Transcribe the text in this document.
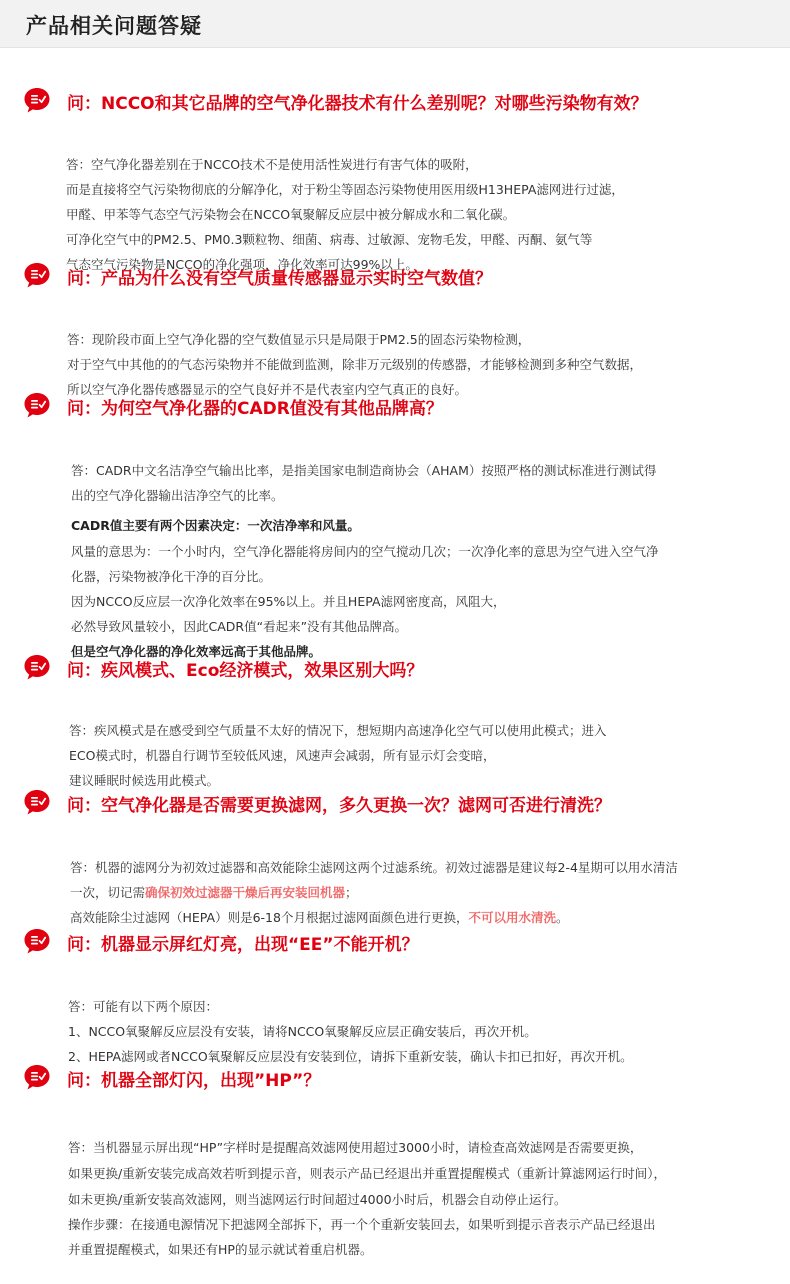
产品相关问题答疑
问：NCCO和其它品牌的空气净化器技术有什么差别呢？对哪些污染物有效？
答：空气净化器差别在于NCCO技术不是使用活性炭进行有害气体的吸附，
而是直接将空气污染物彻底的分解净化，对于粉尘等固态污染物使用医用级H13HEPA滤网进行过滤，
甲醛、甲苯等气态空气污染物会在NCCO氧聚解反应层中被分解成水和二氧化碳。
可净化空气中的PM2.5、PM0.3颗粒物、细菌、病毒、过敏源、宠物毛发，甲醛、丙酮、氨气等
气态空气污染物是NCCO的净化强项，净化效率可达99%以上。
问：产品为什么没有空气质量传感器显示实时空气数值？
答：现阶段市面上空气净化器的空气数值显示只是局限于PM2.5的固态污染物检测，
对于空气中其他的的气态污染物并不能做到监测，除非万元级别的传感器，才能够检测到多种空气数据，
所以空气净化器传感器显示的空气良好并不是代表室内空气真正的良好。
问：为何空气净化器的CADR值没有其他品牌高？
答：CADR中文名洁净空气输出比率，是指美国家电制造商协会（AHAM）按照严格的测试标准进行测试得
出的空气净化器输出洁净空气的比率。
CADR值主要有两个因素决定：一次洁净率和风量。
风量的意思为：一个小时内，空气净化器能将房间内的空气搅动几次；一次净化率的意思为空气进入空气净
化器，污染物被净化干净的百分比。
因为NCCO反应层一次净化效率在95%以上。并且HEPA滤网密度高，风阻大，
必然导致风量较小，因此CADR值“看起来”没有其他品牌高。
但是空气净化器的净化效率远高于其他品牌。
问：疾风模式、Eco经济模式，效果区别大吗？
答：疾风模式是在感受到空气质量不太好的情况下，想短期内高速净化空气可以使用此模式；进入
ECO模式时，机器自行调节至较低风速，风速声会减弱，所有显示灯会变暗，
建议睡眠时候选用此模式。
问：空气净化器是否需要更换滤网，多久更换一次？滤网可否进行清洗？
答：机器的滤网分为初效过滤器和高效能除尘滤网这两个过滤系统。初效过滤器是建议每2-4星期可以用水清洁
一次，切记需确保初效过滤器干燥后再安装回机器；
高效能除尘过滤网（HEPA）则是6-18个月根据过滤网面颜色进行更换，不可以用水清洗。
问：机器显示屏红灯亮，出现“EE”不能开机？
答：可能有以下两个原因：
1、NCCO氧聚解反应层没有安装，请将NCCO氧聚解反应层正确安装后，再次开机。
2、HEPA滤网或者NCCO氧聚解反应层没有安装到位，请拆下重新安装，确认卡扣已扣好，再次开机。
问：机器全部灯闪，出现”HP”？
答：当机器显示屏出现“HP”字样时是提醒高效滤网使用超过3000小时，请检查高效滤网是否需要更换，
如果更换/重新安装完成高效若听到提示音，则表示产品已经退出并重置提醒模式（重新计算滤网运行时间），
如未更换/重新安装高效滤网，则当滤网运行时间超过4000小时后，机器会自动停止运行。
操作步骤：在接通电源情况下把滤网全部拆下，再一个个重新安装回去，如果听到提示音表示产品已经退出
并重置提醒模式，如果还有HP的显示就试着重启机器。
